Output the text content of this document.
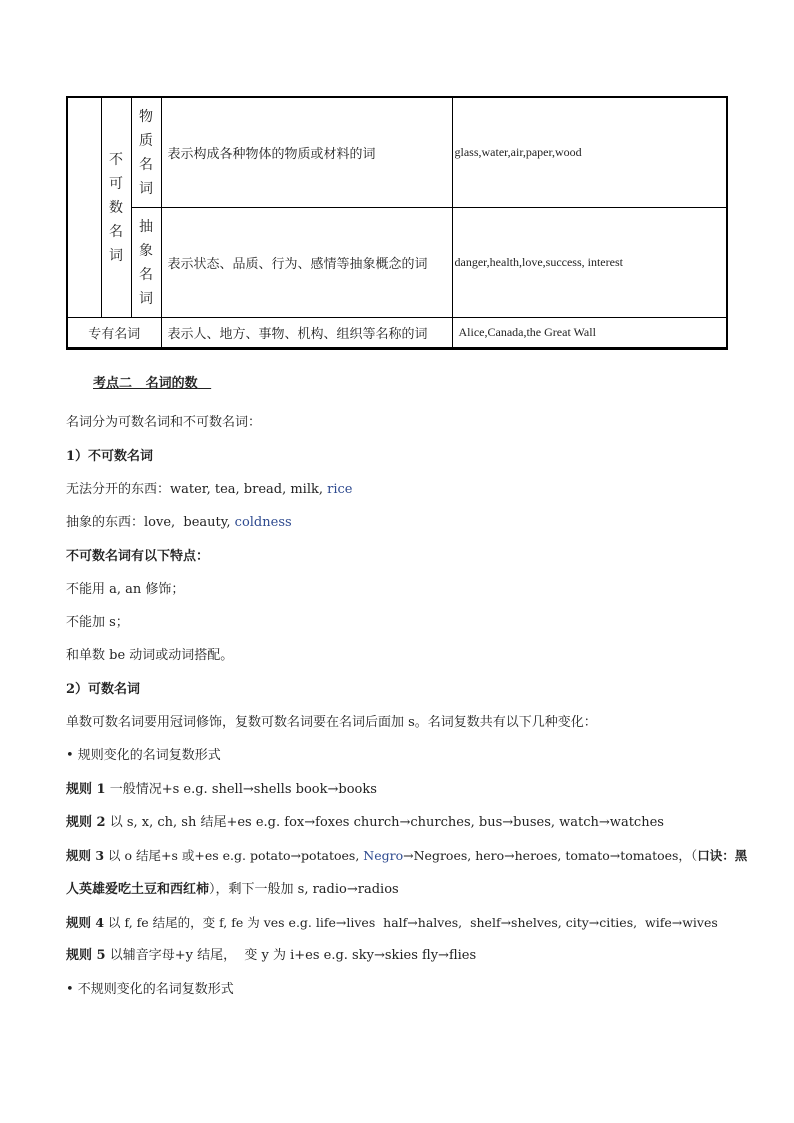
	不可数名词	物质名词	表示构成各种物体的物质或材料的词	glass,water,air,paper,wood

		抽象名词	表示状态、品质、行为、感情等抽象概念的词	danger,health,love,success, interest
专有名词			表示人、地方、事物、机构、组织等名称的词	Alice,Canada,the Great Wall
考点二   名词的数
名词分为可数名词和不可数名词：
1）不可数名词
无法分开的东西：water, tea, bread, milk, rice
抽象的东西：love,  beauty, coldness
不可数名词有以下特点：
不能用 a, an 修饰；
不能加 s；
和单数 be 动词或动词搭配。
2）可数名词
单数可数名词要用冠词修饰，复数可数名词要在名词后面加 s。名词复数共有以下几种变化：
• 规则变化的名词复数形式
规则 1 一般情况+s e.g. shell→shells book→books
规则 2 以 s, x, ch, sh 结尾+es e.g. fox→foxes church→churches, bus→buses, watch→watches
规则 3 以 o 结尾+s 或+es e.g. potato→potatoes, Negro→Negroes, hero→heroes, tomato→tomatoes，（口诀：黑
人英雄爱吃土豆和西红柿），剩下一般加 s, radio→radios
规则 4 以 f, fe 结尾的，变 f, fe 为 ves e.g. life→lives  half→halves,  shelf→shelves, city→cities,  wife→wives
规则 5 以辅音字母+y 结尾，  变 y 为 i+es e.g. sky→skies fly→flies
• 不规则变化的名词复数形式
